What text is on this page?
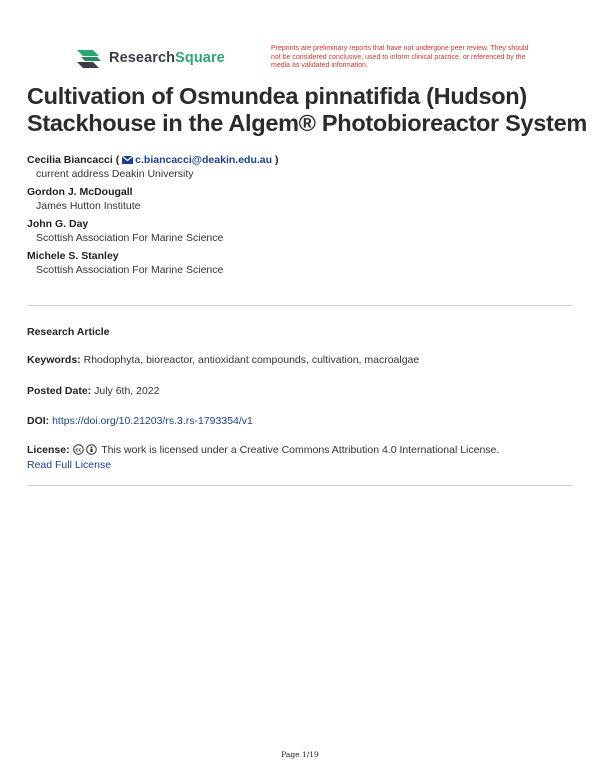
ResearchSquare
Preprints are preliminary reports that have not undergone peer review. They should not be considered conclusive, used to inform clinical practice, or referenced by the media as validated information.
Cultivation of Osmundea pinnatifida (Hudson) Stackhouse in the Algem® Photobioreactor System
Cecilia Biancacci ( c.biancacci@deakin.edu.au )
current address Deakin University
Gordon J. McDougall
James Hutton Institute
John G. Day
Scottish Association For Marine Science
Michele S. Stanley
Scottish Association For Marine Science
Research Article
Keywords: Rhodophyta, bioreactor, antioxidant compounds, cultivation, macroalgae
Posted Date: July 6th, 2022
DOI: https://doi.org/10.21203/rs.3.rs-1793354/v1
License: cc This work is licensed under a Creative Commons Attribution 4.0 International License.
Read Full License
Page 1/19
